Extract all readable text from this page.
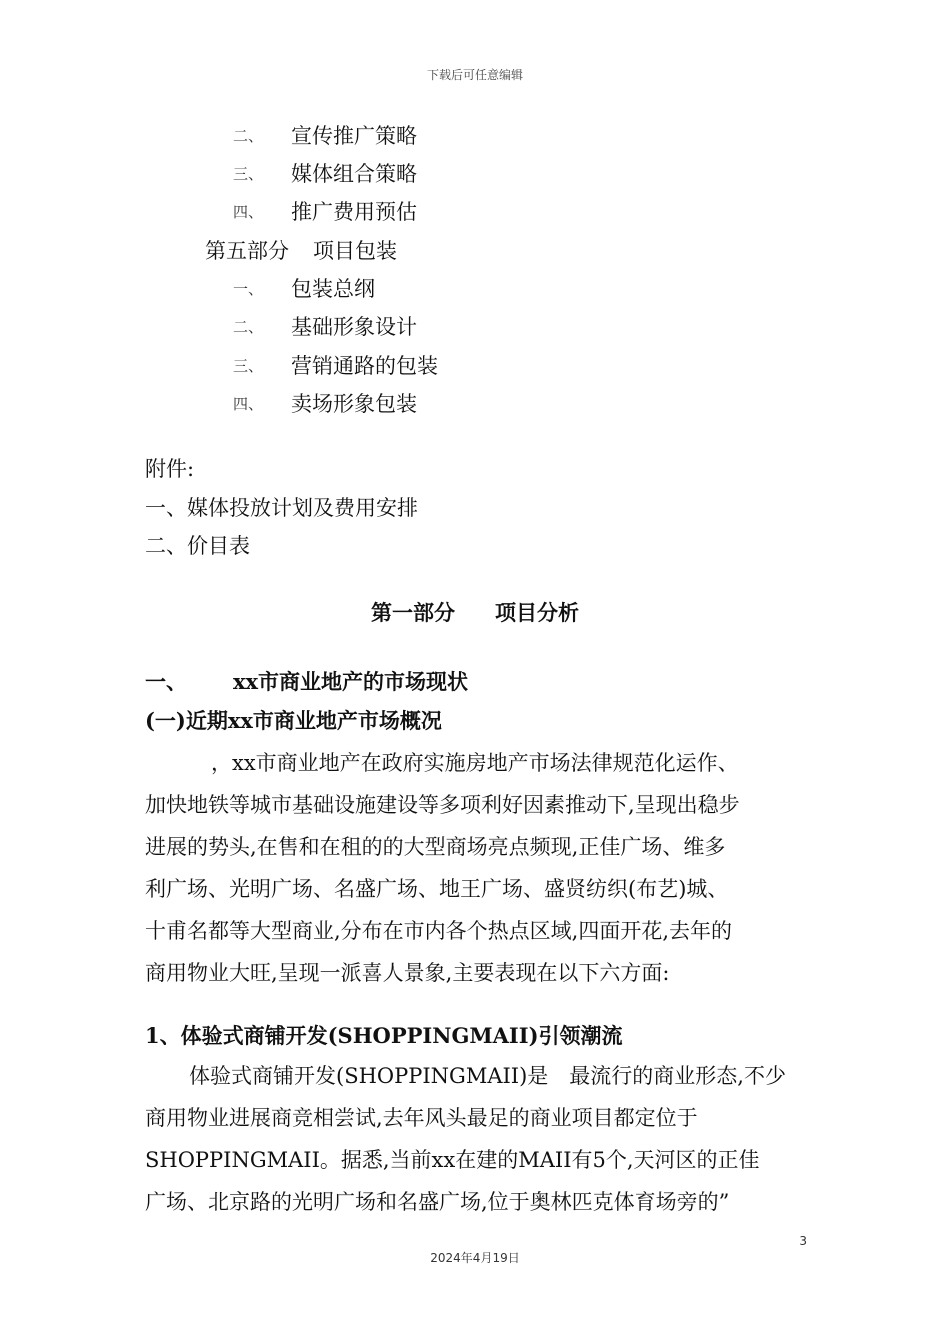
下载后可任意编辑
二、 宣传推广策略
三、 媒体组合策略
四、 推广费用预估
第五部分 项目包装
一、 包装总纲
二、 基础形象设计
三、 营销通路的包装
四、 卖场形象包装
附件:
一、媒体投放计划及费用安排
二、价目表
第一部分 项目分析
一、 xx市商业地产的市场现状
(一)近期xx市商业地产市场概况
，xx市商业地产在政府实施房地产市场法律规范化运作、
加快地铁等城市基础设施建设等多项利好因素推动下,呈现出稳步
进展的势头,在售和在租的的大型商场亮点频现,正佳广场、维多
利广场、光明广场、名盛广场、地王广场、盛贤纺织(布艺)城、
十甫名都等大型商业,分布在市内各个热点区域,四面开花,去年的
商用物业大旺,呈现一派喜人景象,主要表现在以下六方面:
1、体验式商铺开发(SHOPPINGMAII)引领潮流
体验式商铺开发(SHOPPINGMAII)是　最流行的商业形态,不少
商用物业进展商竞相尝试,去年风头最足的商业项目都定位于
SHOPPINGMAII。据悉,当前xx在建的MAII有5个,天河区的正佳
广场、北京路的光明广场和名盛广场,位于奥林匹克体育场旁的”
3
2024年4月19日
